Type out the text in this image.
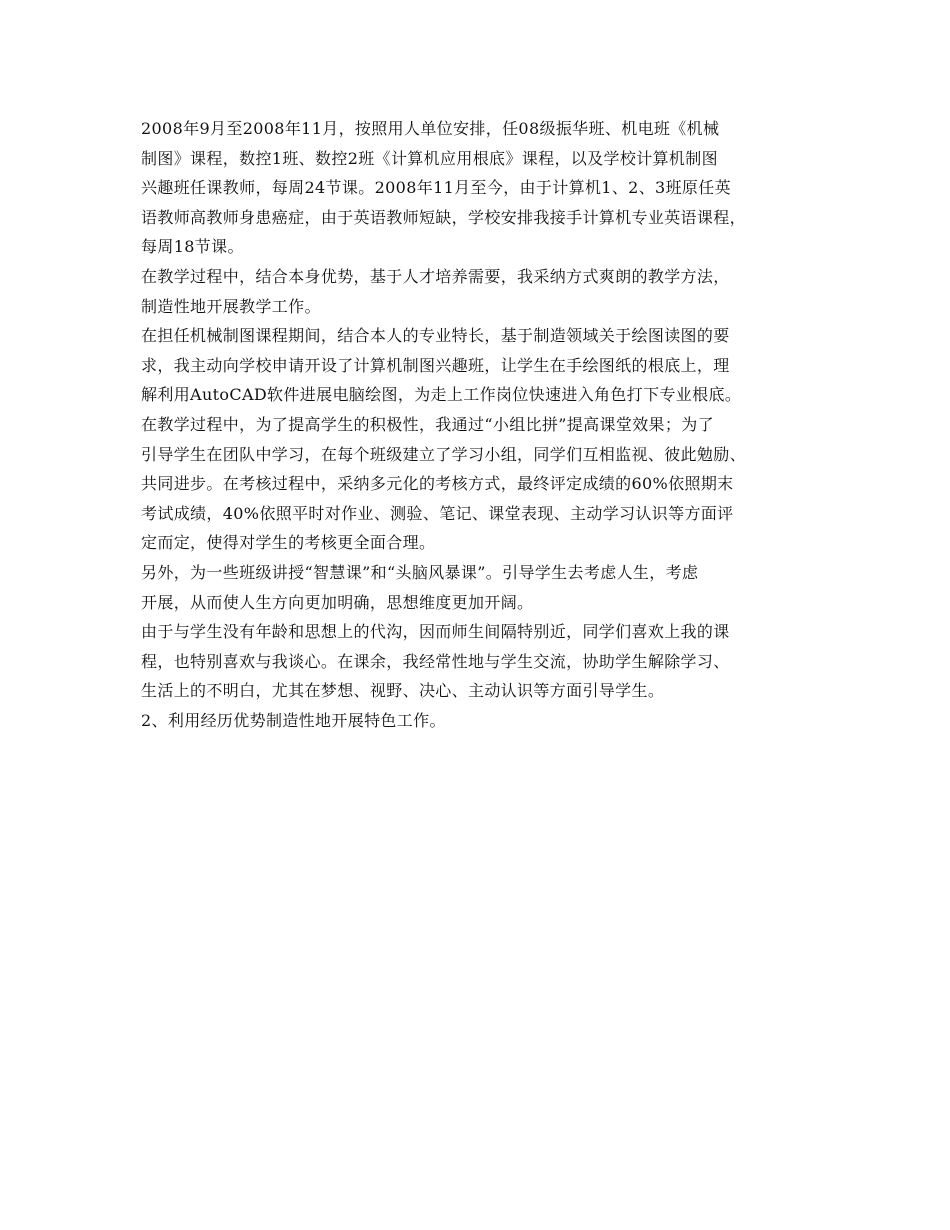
2008年9月至2008年11月，按照用人单位安排，任08级振华班、机电班《机械
制图》课程，数控1班、数控2班《计算机应用根底》课程，以及学校计算机制图
兴趣班任课教师，每周24节课。2008年11月至今，由于计算机1、2、3班原任英
语教师高教师身患癌症，由于英语教师短缺，学校安排我接手计算机专业英语课程，
每周18节课。
在教学过程中，结合本身优势，基于人才培养需要，我采纳方式爽朗的教学方法，
制造性地开展教学工作。
在担任机械制图课程期间，结合本人的专业特长，基于制造领域关于绘图读图的要
求，我主动向学校申请开设了计算机制图兴趣班，让学生在手绘图纸的根底上，理
解利用AutoCAD软件进展电脑绘图，为走上工作岗位快速进入角色打下专业根底。
在教学过程中，为了提高学生的积极性，我通过“小组比拼”提高课堂效果；为了
引导学生在团队中学习，在每个班级建立了学习小组，同学们互相监视、彼此勉励、
共同进步。在考核过程中，采纳多元化的考核方式，最终评定成绩的60%依照期末
考试成绩，40%依照平时对作业、测验、笔记、课堂表现、主动学习认识等方面评
定而定，使得对学生的考核更全面合理。
另外，为一些班级讲授“智慧课”和“头脑风暴课”。引导学生去考虑人生，考虑
开展，从而使人生方向更加明确，思想维度更加开阔。
由于与学生没有年龄和思想上的代沟，因而师生间隔特别近，同学们喜欢上我的课
程，也特别喜欢与我谈心。在课余，我经常性地与学生交流，协助学生解除学习、
生活上的不明白，尤其在梦想、视野、决心、主动认识等方面引导学生。
2、利用经历优势制造性地开展特色工作。
